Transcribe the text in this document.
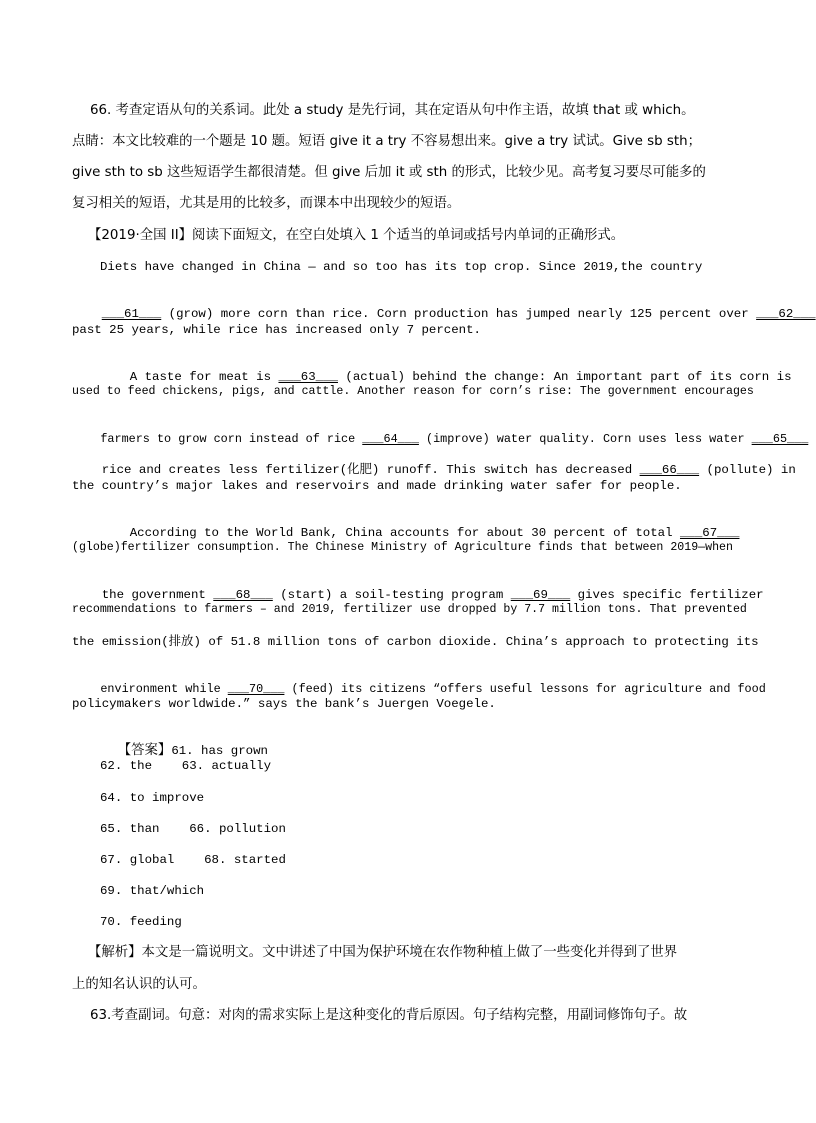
66. 考查定语从句的关系词。此处 a study 是先行词，其在定语从句中作主语，故填 that 或 which。
点睛：本文比较难的一个题是 10 题。短语 give it a try 不容易想出来。give a try 试试。Give sb sth；
give sth to sb 这些短语学生都很清楚。但 give 后加 it 或 sth 的形式，比较少见。高考复习要尽可能多的
复习相关的短语，尤其是用的比较多，而课本中出现较少的短语。
【2019·全国 II】阅读下面短文，在空白处填入 1 个适当的单词或括号内单词的正确形式。
Diets have changed in China — and so too has its top crop. Since 2019,the country

___61___ (grow) more corn than rice. Corn production has jumped nearly 125 percent over ___62___

past 25 years, while rice has increased only 7 percent.

A taste for meat is ___63___ (actual) behind the change: An important part of its corn is

used to feed chickens, pigs, and cattle. Another reason for corn’s rise: The government encourages

farmers to grow corn instead of rice ___64___ (improve) water quality. Corn uses less water ___65___

rice and creates less fertilizer(化肥) runoff. This switch has decreased ___66___ (pollute) in

the country’s major lakes and reservoirs and made drinking water safer for people.

According to the World Bank, China accounts for about 30 percent of total ___67___

(globe)fertilizer consumption. The Chinese Ministry of Agriculture finds that between 2019—when

the government ___68___ (start) a soil-testing program ___69___ gives specific fertilizer

recommendations to farmers – and 2019, fertilizer use dropped by 7.7 million tons. That prevented
the emission(排放) of 51.8 million tons of carbon dioxide. China’s approach to protecting its

environment while ___70___ (feed) its citizens “offers useful lessons for agriculture and food

policymakers worldwide.” says the bank’s Juergen Voegele.

【答案】61. has grown

62. the    63. actually
64. to improve
65. than    66. pollution
67. global    68. started
69. that/which
70. feeding
【解析】本文是一篇说明文。文中讲述了中国为保护环境在农作物种植上做了一些变化并得到了世界
上的知名认识的认可。
63.考查副词。句意：对肉的需求实际上是这种变化的背后原因。句子结构完整，用副词修饰句子。故
